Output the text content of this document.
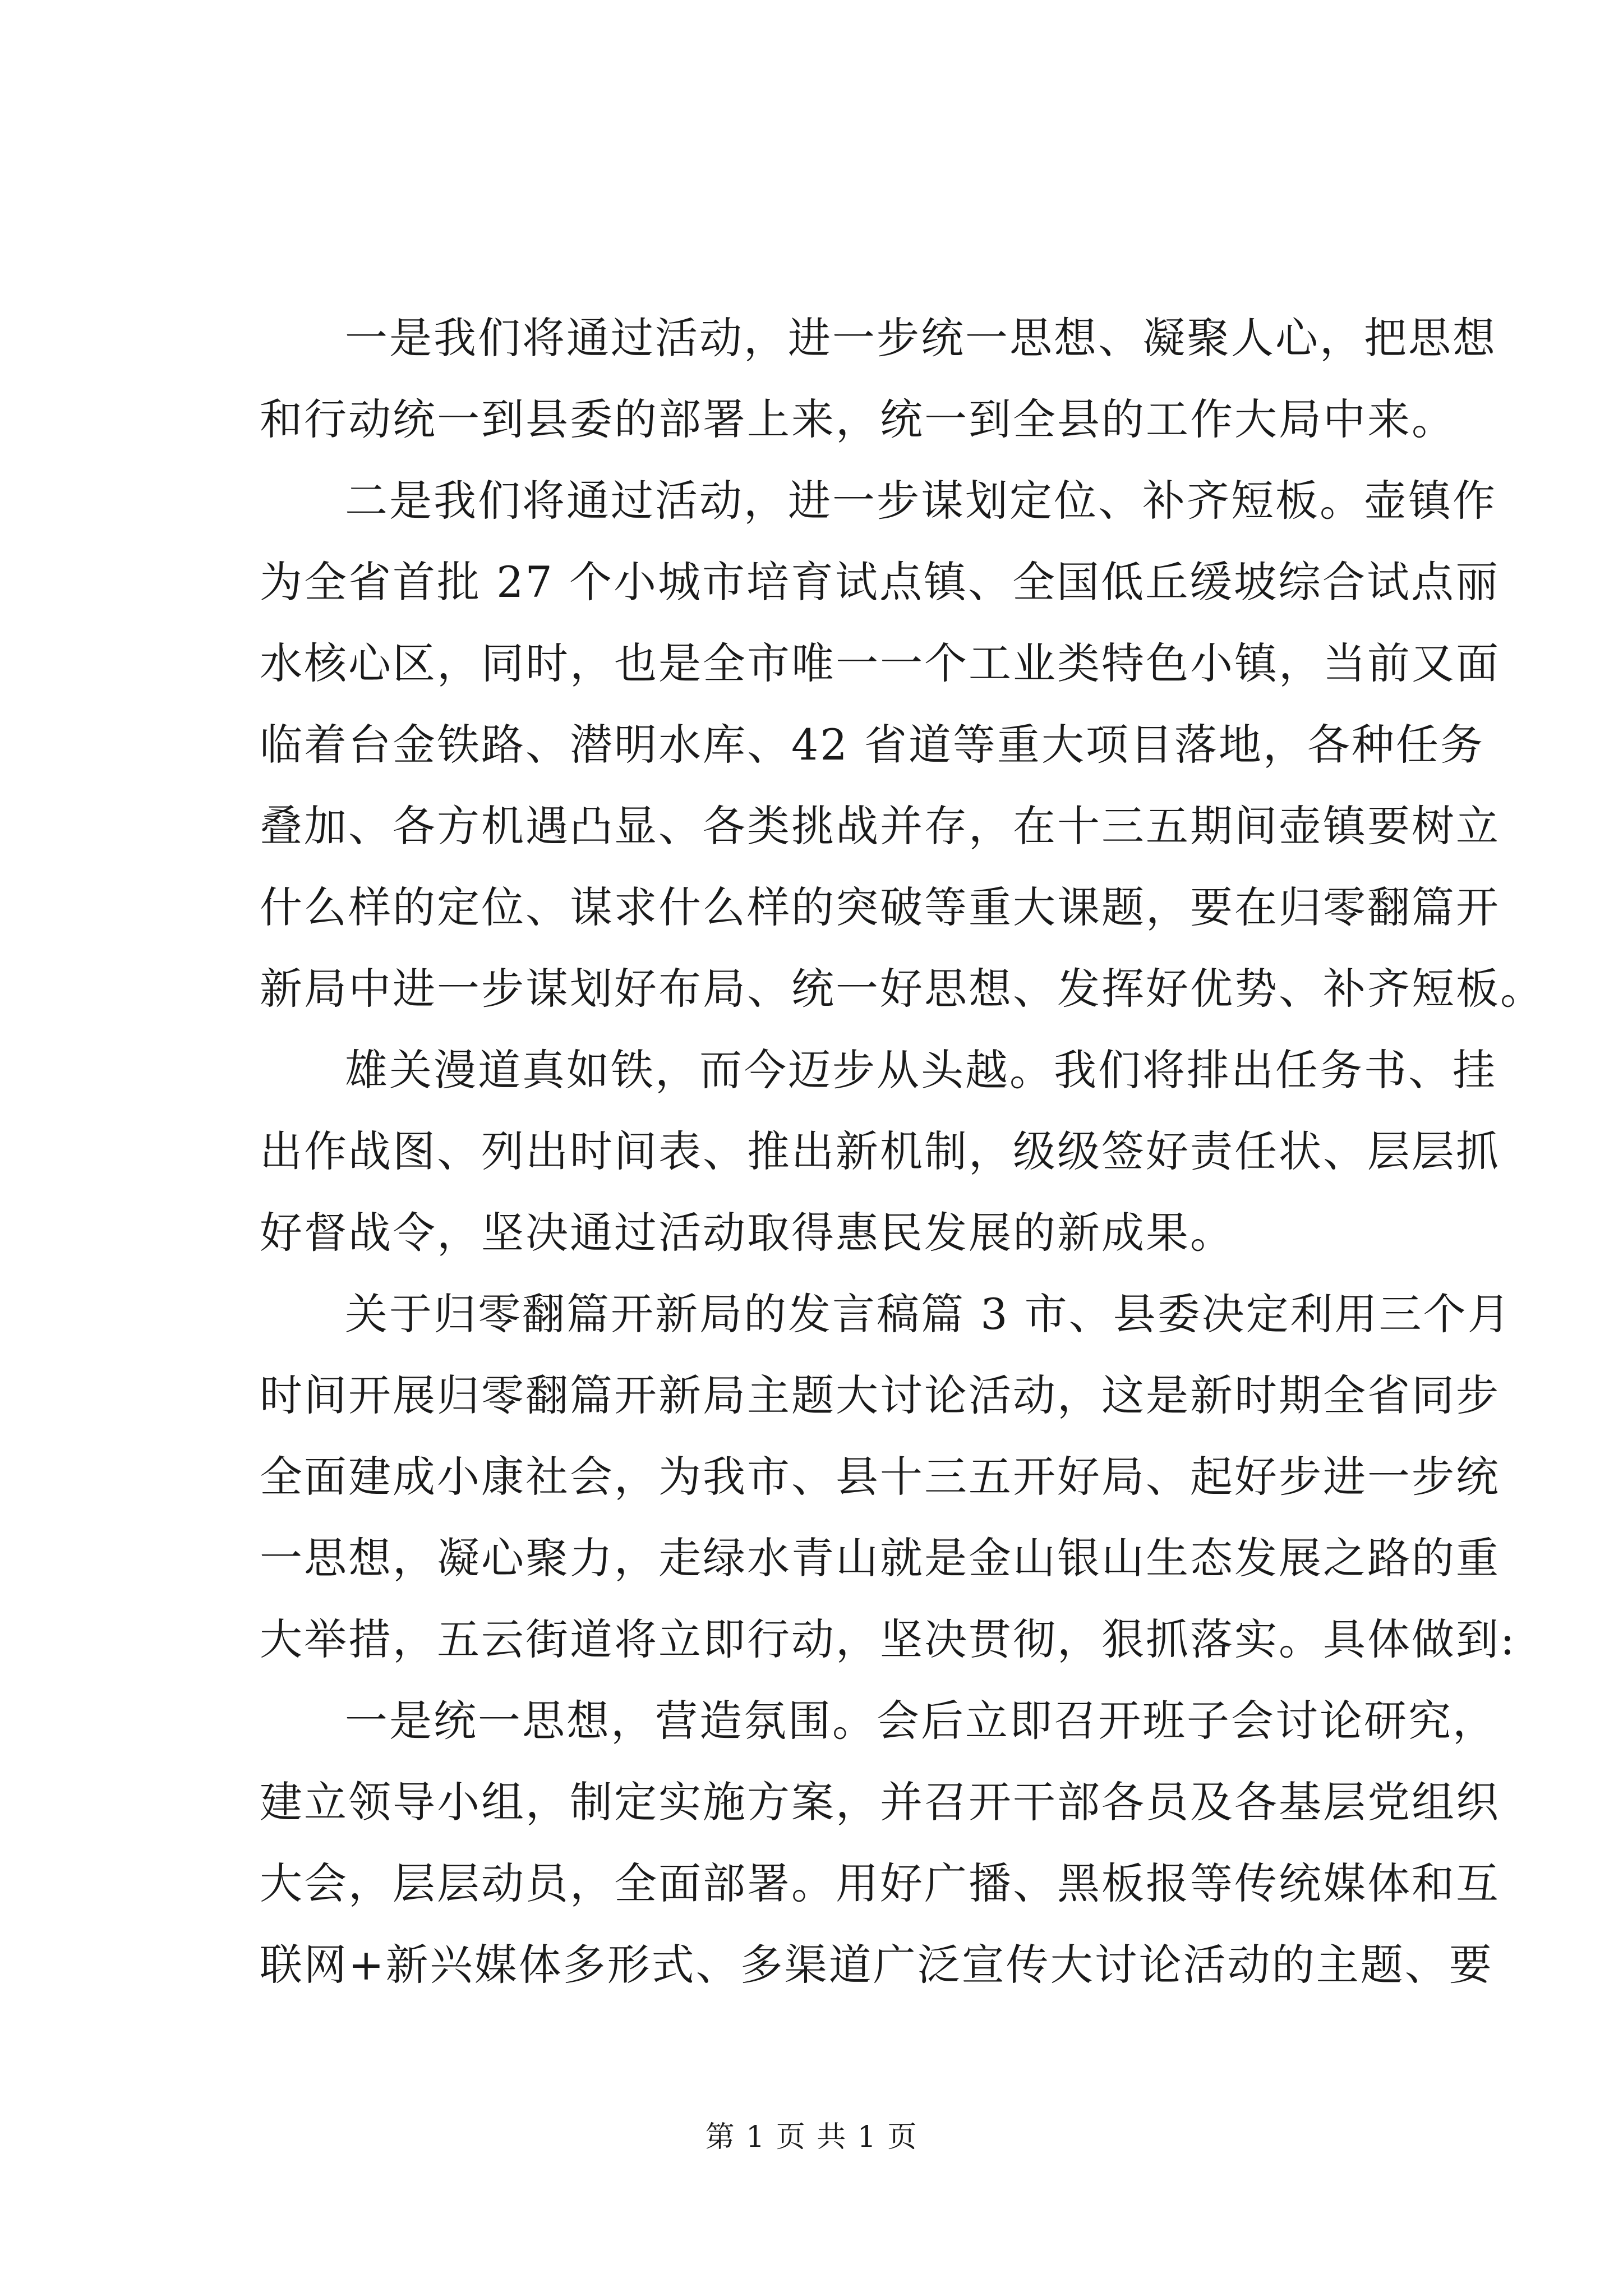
一是我们将通过活动，进一步统一思想、凝聚人心，把思想
和行动统一到县委的部署上来，统一到全县的工作大局中来。
二是我们将通过活动，进一步谋划定位、补齐短板。壶镇作
为全省首批 27 个小城市培育试点镇、全国低丘缓坡综合试点丽
水核心区，同时，也是全市唯一一个工业类特色小镇，当前又面
临着台金铁路、潜明水库、42 省道等重大项目落地，各种任务
叠加、各方机遇凸显、各类挑战并存，在十三五期间壶镇要树立
什么样的定位、谋求什么样的突破等重大课题，要在归零翻篇开
新局中进一步谋划好布局、统一好思想、发挥好优势、补齐短板。
雄关漫道真如铁，而今迈步从头越。我们将排出任务书、挂
出作战图、列出时间表、推出新机制，级级签好责任状、层层抓
好督战令，坚决通过活动取得惠民发展的新成果。
关于归零翻篇开新局的发言稿篇 3 市、县委决定利用三个月
时间开展归零翻篇开新局主题大讨论活动，这是新时期全省同步
全面建成小康社会，为我市、县十三五开好局、起好步进一步统
一思想，凝心聚力，走绿水青山就是金山银山生态发展之路的重
大举措，五云街道将立即行动，坚决贯彻，狠抓落实。具体做到:
一是统一思想，营造氛围。会后立即召开班子会讨论研究，
建立领导小组，制定实施方案，并召开干部各员及各基层党组织
大会，层层动员，全面部署。用好广播、黑板报等传统媒体和互
联网+新兴媒体多形式、多渠道广泛宣传大讨论活动的主题、要
第 1 页 共 1 页
